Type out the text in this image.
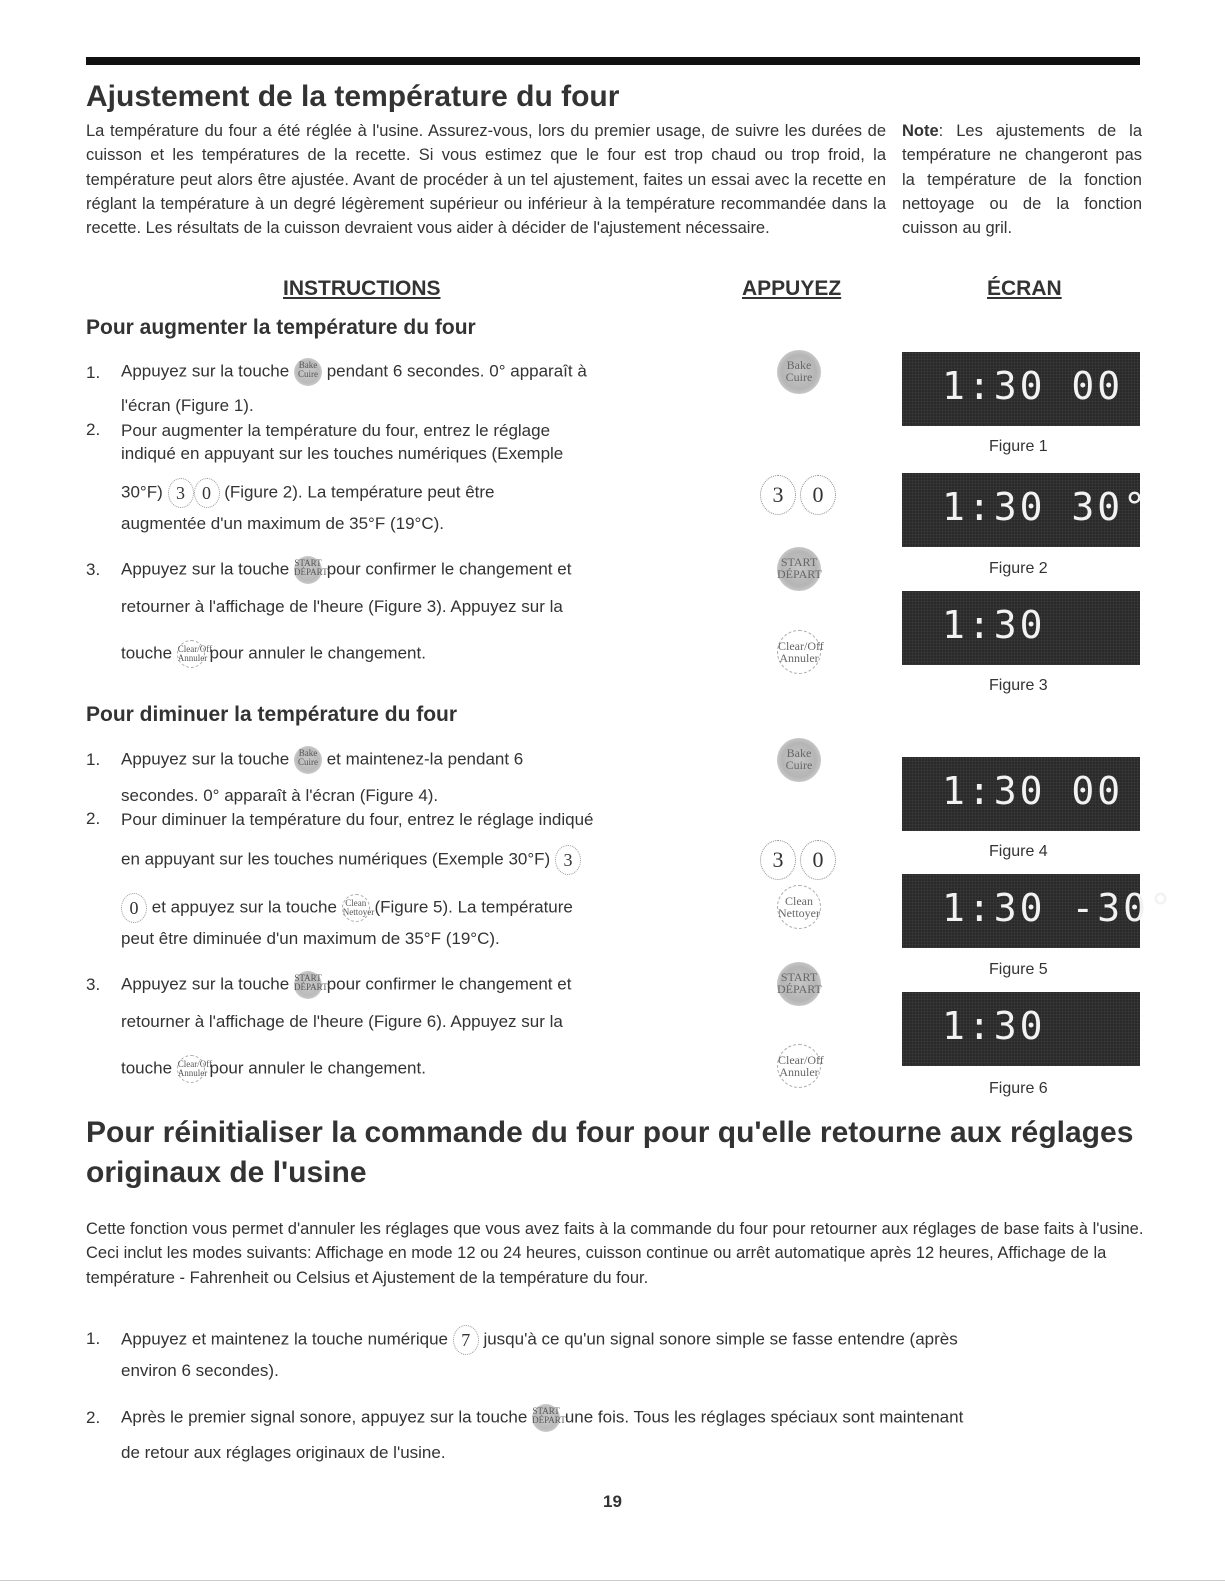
Ajustement de la température du four
La température du four a été réglée à l'usine. Assurez-vous, lors du premier usage, de suivre les durées de cuisson et les températures de la recette. Si vous estimez que le four est trop chaud ou trop froid, la température peut alors être ajustée. Avant de procéder à un tel ajustement, faites un essai avec la recette en réglant la température à un degré légèrement supérieur ou inférieur à la température recommandée dans la recette. Les résultats de la cuisson devraient vous aider à décider de l'ajustement nécessaire.
Note: Les ajustements de la température ne changeront pas la température de la fonction nettoyage ou de la fonction cuisson au gril.
INSTRUCTIONS	APPUYEZ	ÉCRAN
Pour augmenter la température du four
1. Appuyez sur la touche Bake
Cuire pendant 6 secondes. 0° apparaît à
l'écran (Figure 1).
2. Pour augmenter la température du four, entrez le réglage
indiqué en appuyant sur les touches numériques (Exemple
30°F) 3 0 (Figure 2). La température peut être
augmentée d'un maximum de 35°F (19°C).
3. Appuyez sur la touche START
DÉPART pour confirmer le changement et
retourner à l'affichage de l'heure (Figure 3). Appuyez sur la
touche Clear/Off
Annuler pour annuler le changement.
Bake
Cuire
3	0
START
DÉPART
Clear/Off
Annuler
1:30 00
Figure 1
1:30 30°
Figure 2
1:30
Figure 3
Pour diminuer la température du four
1. Appuyez sur la touche Bake
Cuire et maintenez-la pendant 6
secondes. 0° apparaît à l'écran (Figure 4).
2. Pour diminuer la température du four, entrez le réglage indiqué
en appuyant sur les touches numériques (Exemple 30°F) 3
0 et appuyez sur la touche Clean
Nettoyer (Figure 5). La température
peut être diminuée d'un maximum de 35°F (19°C).
3. Appuyez sur la touche START
DÉPART pour confirmer le changement et
retourner à l'affichage de l'heure (Figure 6). Appuyez sur la
touche Clear/Off
Annuler pour annuler le changement.
Bake
Cuire
3	0
Clean
Nettoyer
START
DÉPART
Clear/Off
Annuler
1:30 00
Figure 4
1:30 -30°
Figure 5
1:30
Figure 6
Pour réinitialiser la commande du four pour qu'elle retourne aux réglages originaux de l'usine
Cette fonction vous permet d'annuler les réglages que vous avez faits à la commande du four pour retourner aux réglages de base faits à l'usine. Ceci inclut les modes suivants: Affichage en mode 12 ou 24 heures, cuisson continue ou arrêt automatique après 12 heures, Affichage de la température - Fahrenheit ou Celsius et Ajustement de la température du four.
1. Appuyez et maintenez la touche numérique 7 jusqu'à ce qu'un signal sonore simple se fasse entendre (après
environ 6 secondes).
2. Après le premier signal sonore, appuyez sur la touche START
DÉPART une fois. Tous les réglages spéciaux sont maintenant
de retour aux réglages originaux de l'usine.
19
